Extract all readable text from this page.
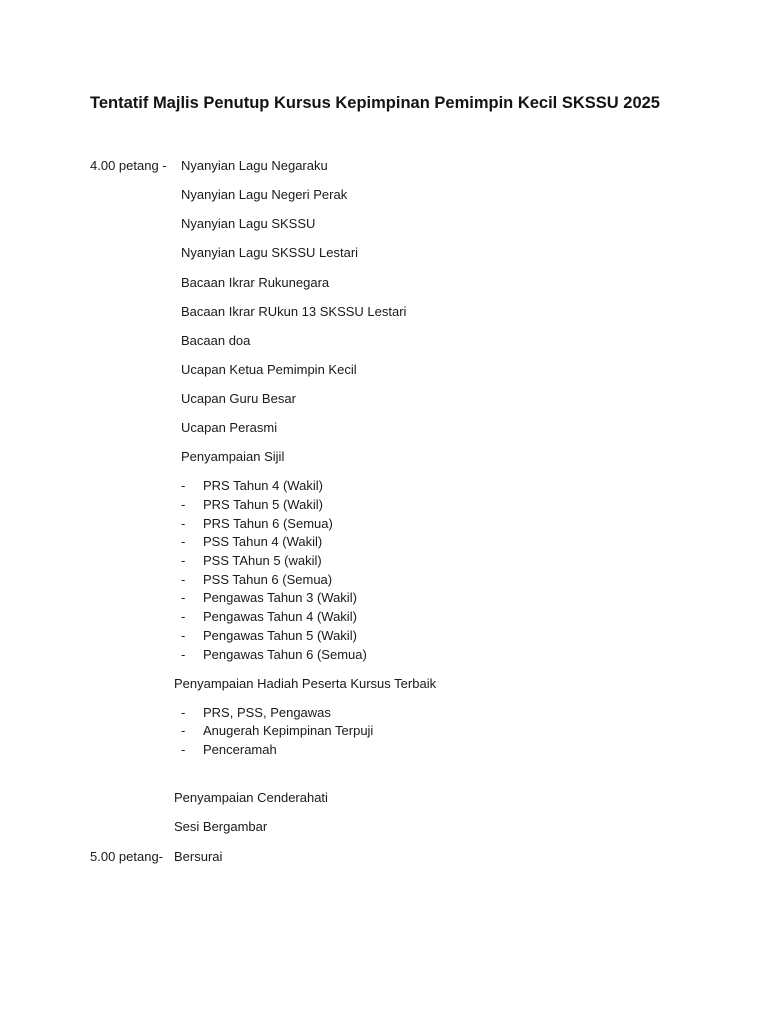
Tentatif Majlis Penutup Kursus Kepimpinan Pemimpin Kecil SKSSU 2025
4.00 petang - Nyanyian Lagu Negaraku
Nyanyian Lagu Negeri Perak
Nyanyian Lagu SKSSU
Nyanyian Lagu SKSSU Lestari
Bacaan Ikrar Rukunegara
Bacaan Ikrar RUkun 13 SKSSU Lestari
Bacaan doa
Ucapan Ketua Pemimpin Kecil
Ucapan Guru Besar
Ucapan Perasmi
Penyampaian Sijil
- PRS Tahun 4 (Wakil)
- PRS Tahun 5 (Wakil)
- PRS Tahun 6 (Semua)
- PSS Tahun 4 (Wakil)
- PSS TAhun 5 (wakil)
- PSS Tahun 6 (Semua)
- Pengawas Tahun 3 (Wakil)
- Pengawas Tahun 4 (Wakil)
- Pengawas Tahun 5 (Wakil)
- Pengawas Tahun 6 (Semua)
Penyampaian Hadiah Peserta Kursus Terbaik
- PRS, PSS, Pengawas
- Anugerah Kepimpinan Terpuji
- Penceramah
Penyampaian Cenderahati
Sesi Bergambar
5.00 petang- Bersurai
